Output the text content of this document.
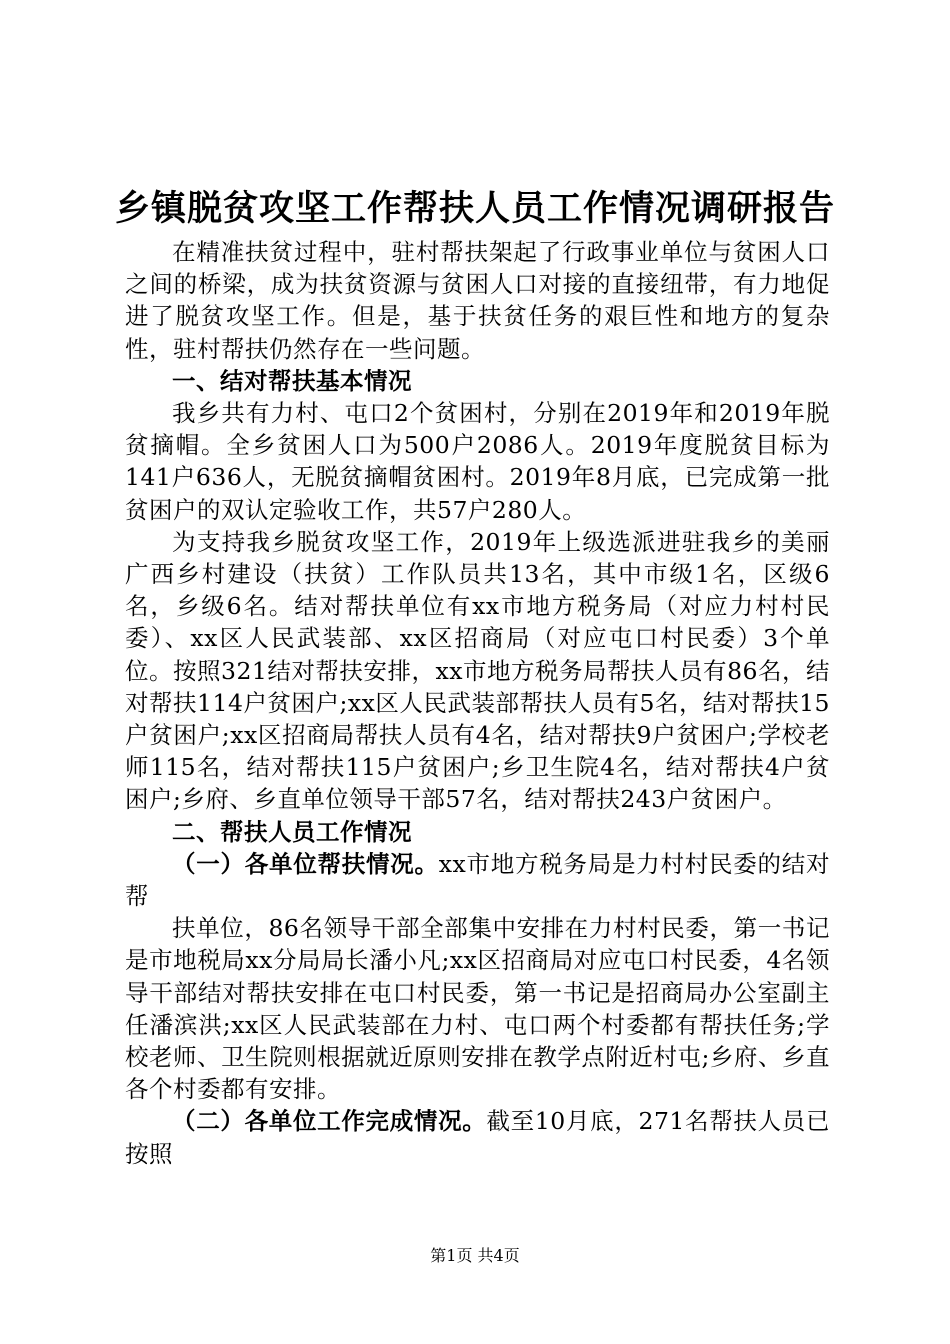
乡镇脱贫攻坚工作帮扶人员工作情况调研报告

在精准扶贫过程中，驻村帮扶架起了行政事业单位与贫困人口之间的桥梁，成为扶贫资源与贫困人口对接的直接纽带，有力地促进了脱贫攻坚工作。但是，基于扶贫任务的艰巨性和地方的复杂性，驻村帮扶仍然存在一些问题。

一、结对帮扶基本情况

我乡共有力村、屯口2个贫困村，分别在2019年和2019年脱贫摘帽。全乡贫困人口为500户2086人。2019年度脱贫目标为141户636人，无脱贫摘帽贫困村。2019年8月底，已完成第一批贫困户的双认定验收工作，共57户280人。

为支持我乡脱贫攻坚工作，2019年上级选派进驻我乡的美丽广西乡村建设（扶贫）工作队员共13名，其中市级1名，区级6名，乡级6名。结对帮扶单位有xx市地方税务局（对应力村村民委）、xx区人民武装部、xx区招商局（对应屯口村民委）3个单位。按照321结对帮扶安排，xx市地方税务局帮扶人员有86名，结对帮扶114户贫困户;xx区人民武装部帮扶人员有5名，结对帮扶15户贫困户;xx区招商局帮扶人员有4名，结对帮扶9户贫困户;学校老师115名，结对帮扶115户贫困户;乡卫生院4名，结对帮扶4户贫困户;乡府、乡直单位领导干部57名，结对帮扶243户贫困户。

二、帮扶人员工作情况

（一）各单位帮扶情况。xx市地方税务局是力村村民委的结对帮

扶单位，86名领导干部全部集中安排在力村村民委，第一书记是市地税局xx分局局长潘小凡;xx区招商局对应屯口村民委，4名领导干部结对帮扶安排在屯口村民委，第一书记是招商局办公室副主任潘滨洪;xx区人民武装部在力村、屯口两个村委都有帮扶任务;学校老师、卫生院则根据就近原则安排在教学点附近村屯;乡府、乡直各个村委都有安排。

（二）各单位工作完成情况。截至10月底，271名帮扶人员已按照

第1页 共4页
